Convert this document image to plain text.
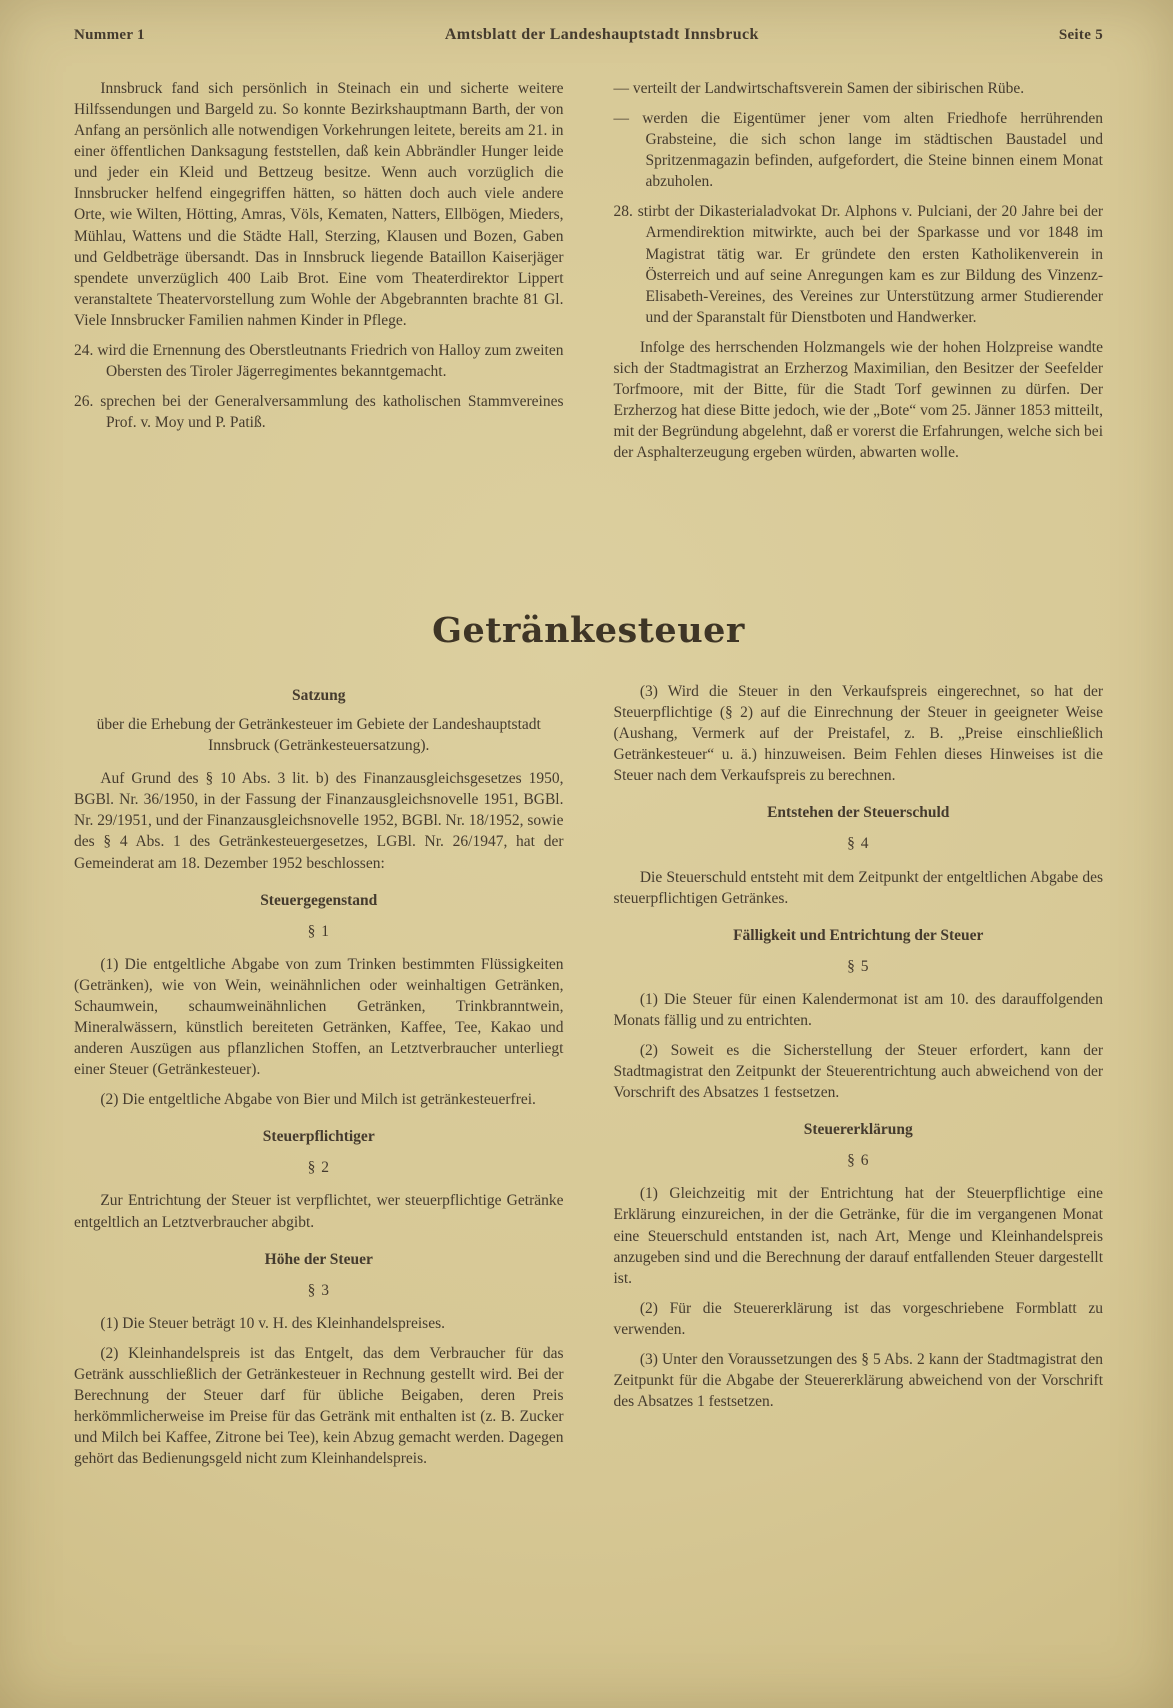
Nummer 1	Amtsblatt der Landeshauptstadt Innsbruck	Seite 5

Innsbruck fand sich persönlich in Steinach ein und sicherte weitere Hilfssendungen und Bargeld zu. So konnte Bezirkshauptmann Barth, der von Anfang an persönlich alle notwendigen Vorkehrungen leitete, bereits am 21. in einer öffentlichen Danksagung feststellen, daß kein Abbrändler Hunger leide und jeder ein Kleid und Bettzeug besitze. Wenn auch vorzüglich die Innsbrucker helfend eingegriffen hätten, so hätten doch auch viele andere Orte, wie Wilten, Hötting, Amras, Völs, Kematen, Natters, Ellbögen, Mieders, Mühlau, Wattens und die Städte Hall, Sterzing, Klausen und Bozen, Gaben und Geldbeträge übersandt. Das in Innsbruck liegende Bataillon Kaiserjäger spendete unverzüglich 400 Laib Brot. Eine vom Theaterdirektor Lippert veranstaltete Theatervorstellung zum Wohle der Abgebrannten brachte 81 Gl. Viele Innsbrucker Familien nahmen Kinder in Pflege.

24. wird die Ernennung des Oberstleutnants Friedrich von Halloy zum zweiten Obersten des Tiroler Jägerregimentes bekanntgemacht.

26. sprechen bei der Generalversammlung des katholischen Stammvereines Prof. v. Moy und P. Patiß.

— verteilt der Landwirtschaftsverein Samen der sibirischen Rübe.

— werden die Eigentümer jener vom alten Friedhofe herrührenden Grabsteine, die sich schon lange im städtischen Baustadel und Spritzenmagazin befinden, aufgefordert, die Steine binnen einem Monat abzuholen.

28. stirbt der Dikasterialadvokat Dr. Alphons v. Pulciani, der 20 Jahre bei der Armendirektion mitwirkte, auch bei der Sparkasse und vor 1848 im Magistrat tätig war. Er gründete den ersten Katholikenverein in Österreich und auf seine Anregungen kam es zur Bildung des Vinzenz-Elisabeth-Vereines, des Vereines zur Unterstützung armer Studierender und der Sparanstalt für Dienstboten und Handwerker.

Infolge des herrschenden Holzmangels wie der hohen Holzpreise wandte sich der Stadtmagistrat an Erzherzog Maximilian, den Besitzer der Seefelder Torfmoore, mit der Bitte, für die Stadt Torf gewinnen zu dürfen. Der Erzherzog hat diese Bitte jedoch, wie der „Bote“ vom 25. Jänner 1853 mitteilt, mit der Begründung abgelehnt, daß er vorerst die Erfahrungen, welche sich bei der Asphalterzeugung ergeben würden, abwarten wolle.

Getränkesteuer
Satzung

über die Erhebung der Getränkesteuer im Gebiete der Landeshauptstadt Innsbruck (Getränkesteuersatzung).

Auf Grund des § 10 Abs. 3 lit. b) des Finanzausgleichsgesetzes 1950, BGBl. Nr. 36/1950, in der Fassung der Finanzausgleichsnovelle 1951, BGBl. Nr. 29/1951, und der Finanzausgleichsnovelle 1952, BGBl. Nr. 18/1952, sowie des § 4 Abs. 1 des Getränkesteuergesetzes, LGBl. Nr. 26/1947, hat der Gemeinderat am 18. Dezember 1952 beschlossen:

Steuergegenstand
§ 1

(1) Die entgeltliche Abgabe von zum Trinken bestimmten Flüssigkeiten (Getränken), wie von Wein, weinähnlichen oder weinhaltigen Getränken, Schaumwein, schaumweinähnlichen Getränken, Trinkbranntwein, Mineralwässern, künstlich bereiteten Getränken, Kaffee, Tee, Kakao und anderen Auszügen aus pflanzlichen Stoffen, an Letztverbraucher unterliegt einer Steuer (Getränkesteuer).

(2) Die entgeltliche Abgabe von Bier und Milch ist getränkesteuerfrei.

Steuerpflichtiger
§ 2

Zur Entrichtung der Steuer ist verpflichtet, wer steuerpflichtige Getränke entgeltlich an Letztverbraucher abgibt.

Höhe der Steuer
§ 3

(1) Die Steuer beträgt 10 v. H. des Kleinhandelspreises.

(2) Kleinhandelspreis ist das Entgelt, das dem Verbraucher für das Getränk ausschließlich der Getränkesteuer in Rechnung gestellt wird. Bei der Berechnung der Steuer darf für übliche Beigaben, deren Preis herkömmlicherweise im Preise für das Getränk mit enthalten ist (z. B. Zucker und Milch bei Kaffee, Zitrone bei Tee), kein Abzug gemacht werden. Dagegen gehört das Bedienungsgeld nicht zum Kleinhandelspreis.

(3) Wird die Steuer in den Verkaufspreis eingerechnet, so hat der Steuerpflichtige (§ 2) auf die Einrechnung der Steuer in geeigneter Weise (Aushang, Vermerk auf der Preistafel, z. B. „Preise einschließlich Getränkesteuer“ u. ä.) hinzuweisen. Beim Fehlen dieses Hinweises ist die Steuer nach dem Verkaufspreis zu berechnen.

Entstehen der Steuerschuld
§ 4

Die Steuerschuld entsteht mit dem Zeitpunkt der entgeltlichen Abgabe des steuerpflichtigen Getränkes.

Fälligkeit und Entrichtung der Steuer
§ 5

(1) Die Steuer für einen Kalendermonat ist am 10. des darauffolgenden Monats fällig und zu entrichten.

(2) Soweit es die Sicherstellung der Steuer erfordert, kann der Stadtmagistrat den Zeitpunkt der Steuerentrichtung auch abweichend von der Vorschrift des Absatzes 1 festsetzen.

Steuererklärung
§ 6

(1) Gleichzeitig mit der Entrichtung hat der Steuerpflichtige eine Erklärung einzureichen, in der die Getränke, für die im vergangenen Monat eine Steuerschuld entstanden ist, nach Art, Menge und Kleinhandelspreis anzugeben sind und die Berechnung der darauf entfallenden Steuer dargestellt ist.

(2) Für die Steuererklärung ist das vorgeschriebene Formblatt zu verwenden.

(3) Unter den Voraussetzungen des § 5 Abs. 2 kann der Stadtmagistrat den Zeitpunkt für die Abgabe der Steuererklärung abweichend von der Vorschrift des Absatzes 1 festsetzen.
